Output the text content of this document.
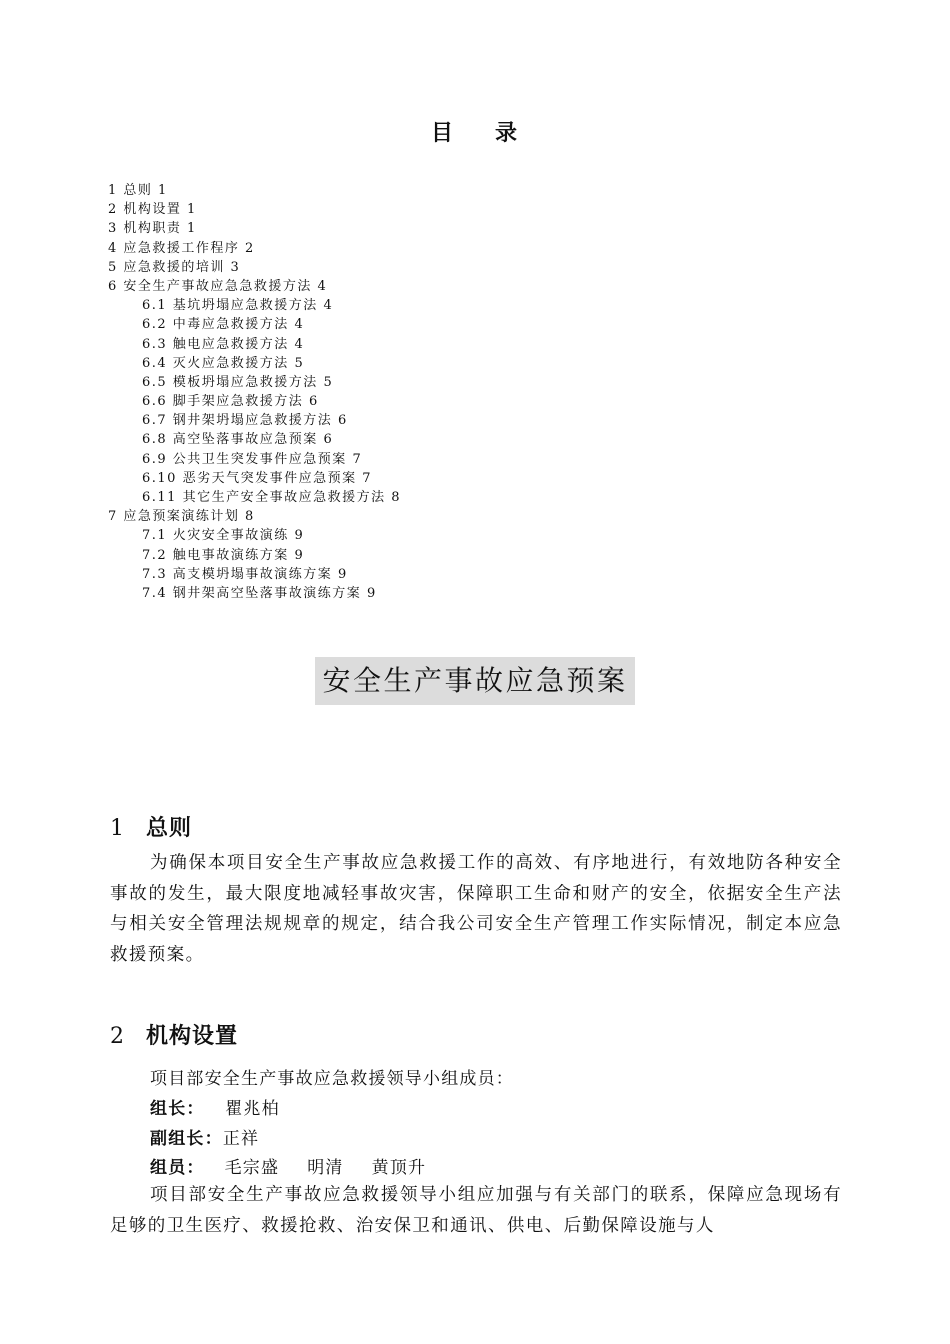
目 录
1 总则 1
2 机构设置 1
3 机构职责 1
4 应急救援工作程序 2
5 应急救援的培训 3
6 安全生产事故应急急救援方法 4
6.1 基坑坍塌应急救援方法 4
6.2 中毒应急救援方法 4
6.3 触电应急救援方法 4
6.4 灭火应急救援方法 5
6.5 模板坍塌应急救援方法 5
6.6 脚手架应急救援方法 6
6.7 钢井架坍塌应急救援方法 6
6.8 高空坠落事故应急预案 6
6.9 公共卫生突发事件应急预案 7
6.10 恶劣天气突发事件应急预案 7
6.11 其它生产安全事故应急救援方法 8
7 应急预案演练计划 8
7.1 火灾安全事故演练 9
7.2 触电事故演练方案 9
7.3 高支模坍塌事故演练方案 9
7.4 钢井架高空坠落事故演练方案 9
安全生产事故应急预案
1 总则
为确保本项目安全生产事故应急救援工作的高效、有序地进行，有效地防各种安全事故的发生，最大限度地减轻事故灾害，保障职工生命和财产的安全，依据安全生产法与相关安全管理法规规章的规定，结合我公司安全生产管理工作实际情况，制定本应急救援预案。
2 机构设置
项目部安全生产事故应急救援领导小组成员：
组长： 瞿兆柏
副组长：正祥
组员： 毛宗盛 明清 黄顶升
项目部安全生产事故应急救援领导小组应加强与有关部门的联系，保障应急现场有足够的卫生医疗、救援抢救、治安保卫和通讯、供电、后勤保障设施与人
